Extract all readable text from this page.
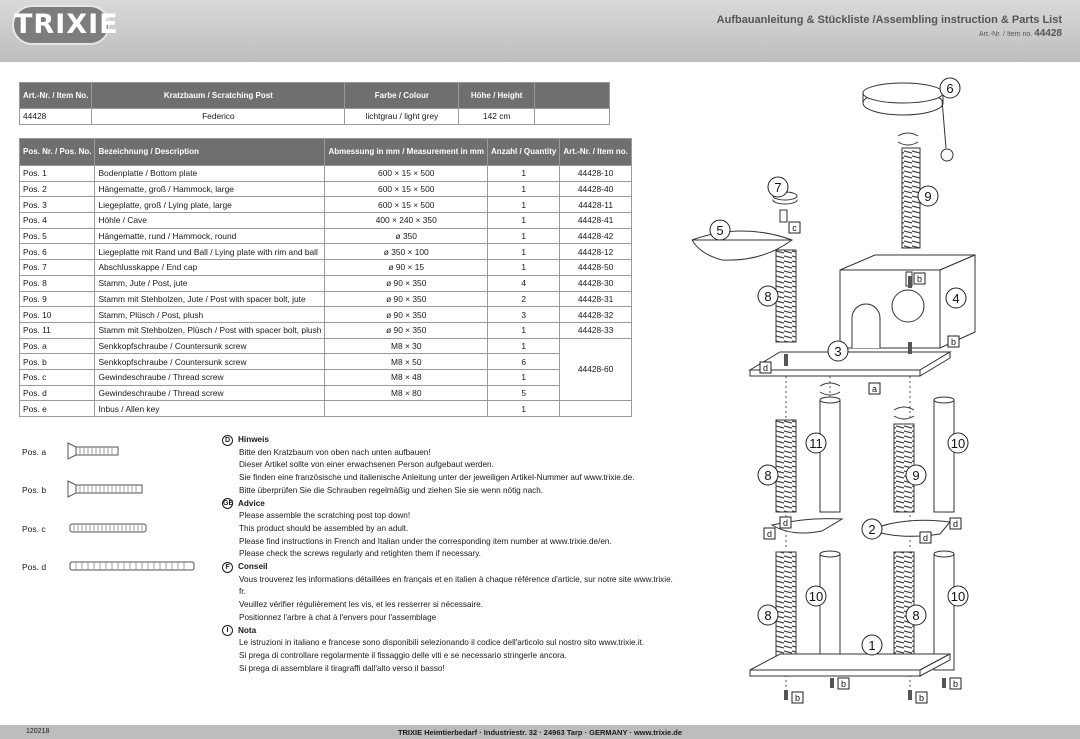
TRIXIE	Aufbauanleitung & Stückliste /Assembling instruction & Parts List
Art.-Nr. / Item no. 44428
Art.-Nr. / Item No.	Kratzbaum / Scratching Post	Farbe / Colour	Höhe / Height	
44428	Federico	lichtgrau / light grey	142 cm	
Pos. Nr. / Pos. No.	Bezeichnung / Description	Abmessung in mm / Measurement in mm	Anzahl / Quantity	Art.-Nr. / Item no.
Pos. 1	Bodenplatte / Bottom plate	600 × 15 × 500	1	44428-10
Pos. 2	Hängematte, groß / Hammock, large	600 × 15 × 500	1	44428-40
Pos. 3	Liegeplatte, groß / Lying plate, large	600 × 15 × 500	1	44428-11
Pos. 4	Höhle / Cave	400 × 240 × 350	1	44428-41
Pos. 5	Hängematte, rund / Hammock, round	ø 350	1	44428-42
Pos. 6	Liegeplatte mit Rand und Ball / Lying plate with rim and ball	ø 350 × 100	1	44428-12
Pos. 7	Abschlusskappe / End cap	ø 90 × 15	1	44428-50
Pos. 8	Stamm, Jute / Post, jute	ø 90 × 350	4	44428-30
Pos. 9	Stamm mit Stehbolzen, Jute / Post with spacer bolt, jute	ø 90 × 350	2	44428-31
Pos. 10	Stamm, Plüsch / Post, plush	ø 90 × 350	3	44428-32
Pos. 11	Stamm mit Stehbolzen, Plüsch / Post with spacer bolt, plush	ø 90 × 350	1	44428-33
Pos. a	Senkkopfschraube / Countersunk screw	M8 × 30	1	44428-60
Pos. b	Senkkopfschraube / Countersunk screw	M8 × 50	6	
Pos. c	Gewindeschraube / Thread screw	M8 × 48	1	
Pos. d	Gewindeschraube / Thread screw	M8 × 80	5	
Pos. e	Inbus / Allen key		1	
Pos. a
Pos. b
Pos. c
Pos. d
D Hinweis
Bitte den Kratzbaum von oben nach unten aufbauen!
Dieser Artikel sollte von einer erwachsenen Person aufgebaut werden.
Sie finden eine französische und italienische Anleitung unter der jeweiligen Artikel-Nummer auf www.trixie.de.
Bitte überprüfen Sie die Schrauben regelmäßig und ziehen Sie sie wenn nötig nach.
GB Advice
Please assemble the scratching post top down!
This product should be assembled by an adult.
Please find instructions in French and Italian under the corresponding item number at www.trixie.de/en.
Please check the screws regularly and retighten them if necessary.
F	Conseil
Vous trouverez les informations détaillées en français et en italien à chaque référence d'article, sur notre site www.trixie.
fr.
Veuillez vérifier régulièrement les vis, et les resserrer si nécessaire.
Positionnez l'arbre à chat à l'envers pour l'assemblage
I	Nota
Le istruzioni in italiano e francese sono disponibili selezionando il codice dell'articolo sul nostro sito www.trixie.it.
Si prega di controllare regolarmente il fissaggio delle viti e se necessario stringerle ancora.
Si prega di assemblare il tiragraffi dall'alto verso il basso!
6
7
9
5
8	4
3
11	10
8	9
2
10	10
8	8
1
c
b
b
d
a
d
d	d
d
b	b
b	b
120218	TRIXIE Heimtierbedarf · Industriestr. 32 · 24963 Tarp · GERMANY · www.trixie.de
